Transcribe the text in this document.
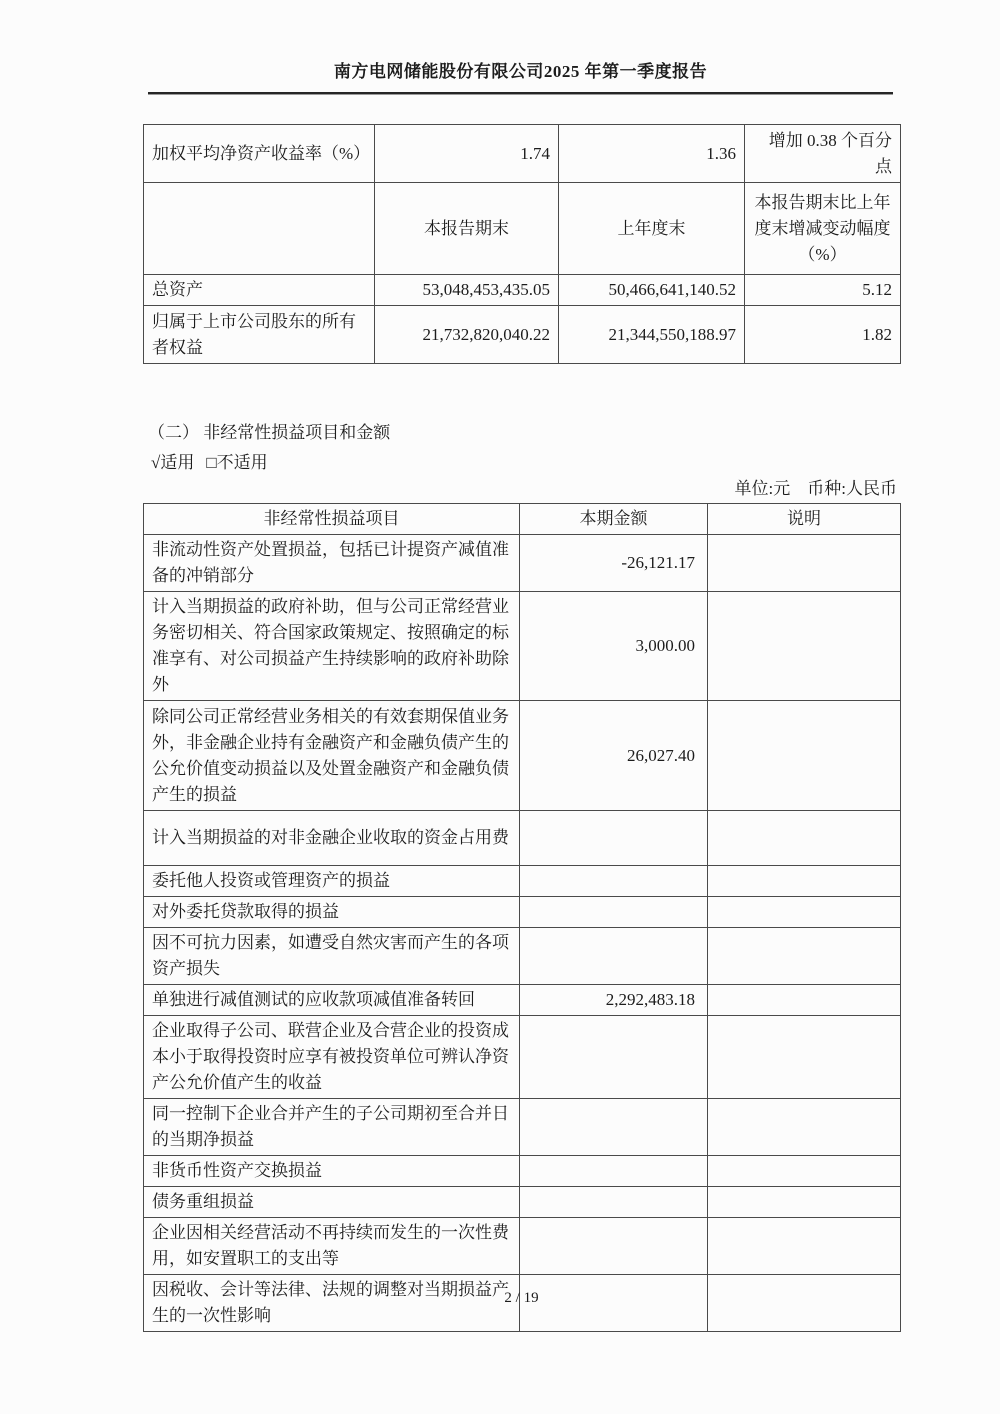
南方电网储能股份有限公司2025 年第一季度报告
加权平均净资产收益率（%）	1.74	1.36	增加 0.38 个百分点
	本报告期末	上年度末	本报告期末比上年度末增减变动幅度（%）
总资产	53,048,453,435.05	50,466,641,140.52	5.12
归属于上市公司股东的所有者权益	21,732,820,040.22	21,344,550,188.97	1.82
（二） 非经常性损益项目和金额
√适用 □不适用
单位:元　币种:人民币
非经常性损益项目	本期金额	说明
非流动性资产处置损益，包括已计提资产减值准备的冲销部分	-26,121.17	
计入当期损益的政府补助，但与公司正常经营业务密切相关、符合国家政策规定、按照确定的标准享有、对公司损益产生持续影响的政府补助除外	3,000.00	
除同公司正常经营业务相关的有效套期保值业务外，非金融企业持有金融资产和金融负债产生的公允价值变动损益以及处置金融资产和金融负债产生的损益	26,027.40	
计入当期损益的对非金融企业收取的资金占用费		
委托他人投资或管理资产的损益		
对外委托贷款取得的损益		
因不可抗力因素，如遭受自然灾害而产生的各项资产损失		
单独进行减值测试的应收款项减值准备转回	2,292,483.18	
企业取得子公司、联营企业及合营企业的投资成本小于取得投资时应享有被投资单位可辨认净资产公允价值产生的收益		
同一控制下企业合并产生的子公司期初至合并日的当期净损益		
非货币性资产交换损益		
债务重组损益		
企业因相关经营活动不再持续而发生的一次性费用，如安置职工的支出等		
因税收、会计等法律、法规的调整对当期损益产生的一次性影响		
2 / 19
